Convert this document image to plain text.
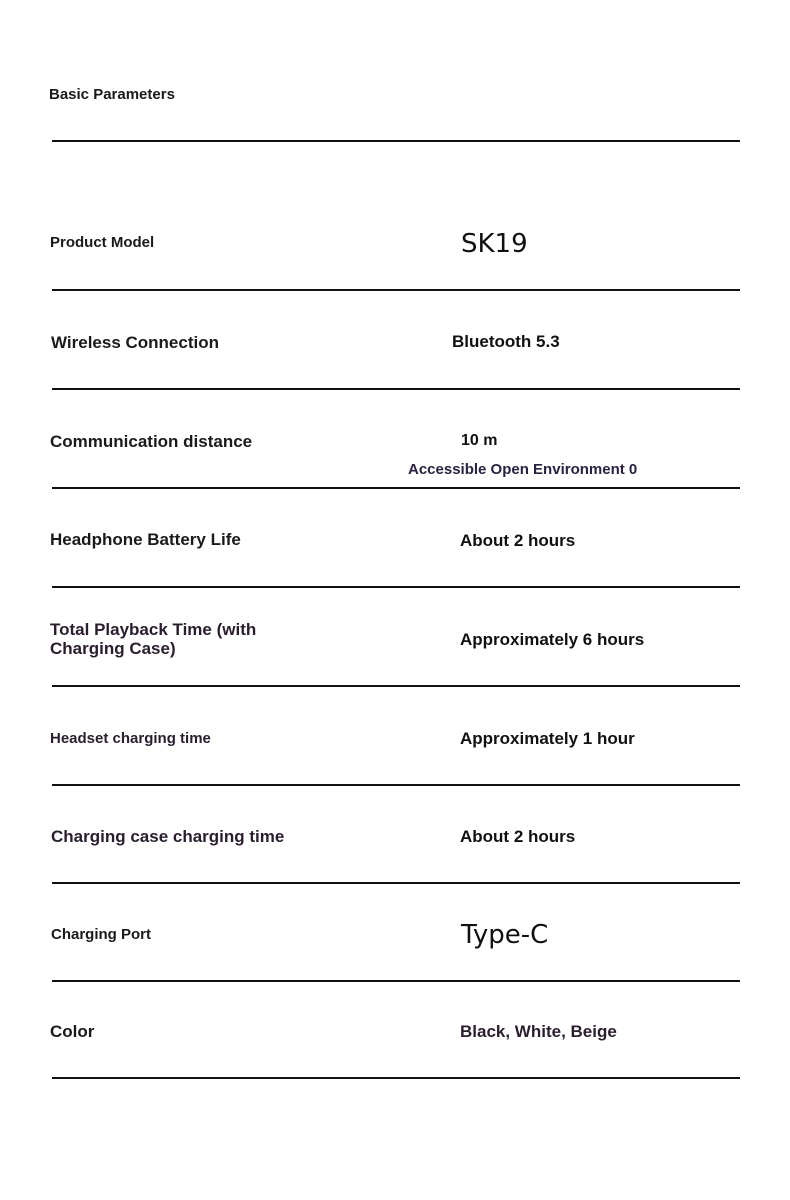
Basic Parameters
Product Model	SK19
Wireless Connection	Bluetooth 5.3
Communication distance	10 m
Accessible Open Environment 0
Headphone Battery Life	About 2 hours
Total Playback Time (with Charging Case)	Approximately 6 hours
Headset charging time	Approximately 1 hour
Charging case charging time	About 2 hours
Charging Port	Type-C
Color	Black, White, Beige
